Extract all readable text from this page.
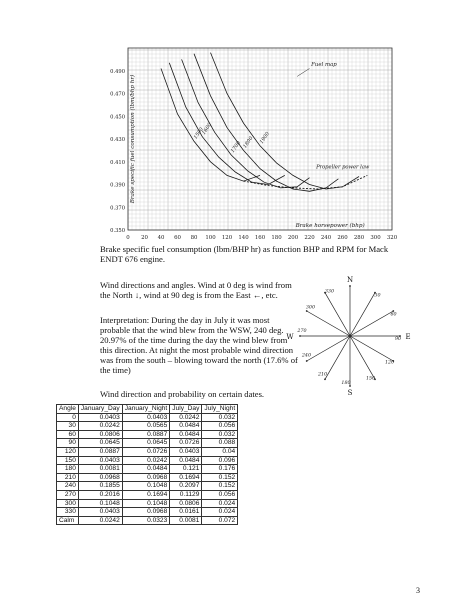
0.350
0.370
0.390
0.410
0.430
0.450
0.470
0.490
0 20 40 60 80 100 120 140 160 180 200 220 240 260 280 300 320
Brake specific fuel consumption (lbm/bhp hr)
Brake horsepower (bhp)
1500
1600
1700 1800 1900
Fuel map
Propeller power law

Brake specific fuel consumption (lbm/BHP hr) as function BHP and RPM for Mack ENDT 676 engine.

Wind directions and angles. Wind at 0 deg is wind from the North ↓, wind at 90 deg is from the East ←, etc.

Interpretation: During the day in July it was most probable that the wind blew from the WSW, 240 deg. 20.97% of the time during the day the wind blew from this direction. At night the most probable wind direction was from the south – blowing toward the north (17.6% of the time)

Wind direction and probability on certain dates.

N
S
E
W
330
30
60
90
120
150
180
210
240
270
300
Angle	January_Day	January_Night	July_Day	July_Night
0	0.0403	0.0403	0.0242	0.032
30	0.0242	0.0565	0.0484	0.056
60	0.0806	0.0887	0.0484	0.032
90	0.0645	0.0645	0.0726	0.088
120	0.0887	0.0726	0.0403	0.04
150	0.0403	0.0242	0.0484	0.096
180	0.0081	0.0484	0.121	0.176
210	0.0968	0.0968	0.1694	0.152
240	0.1855	0.1048	0.2097	0.152
270	0.2016	0.1694	0.1129	0.056
300	0.1048	0.1048	0.0806	0.024
330	0.0403	0.0968	0.0161	0.024
Calm	0.0242	0.0323	0.0081	0.072
3
